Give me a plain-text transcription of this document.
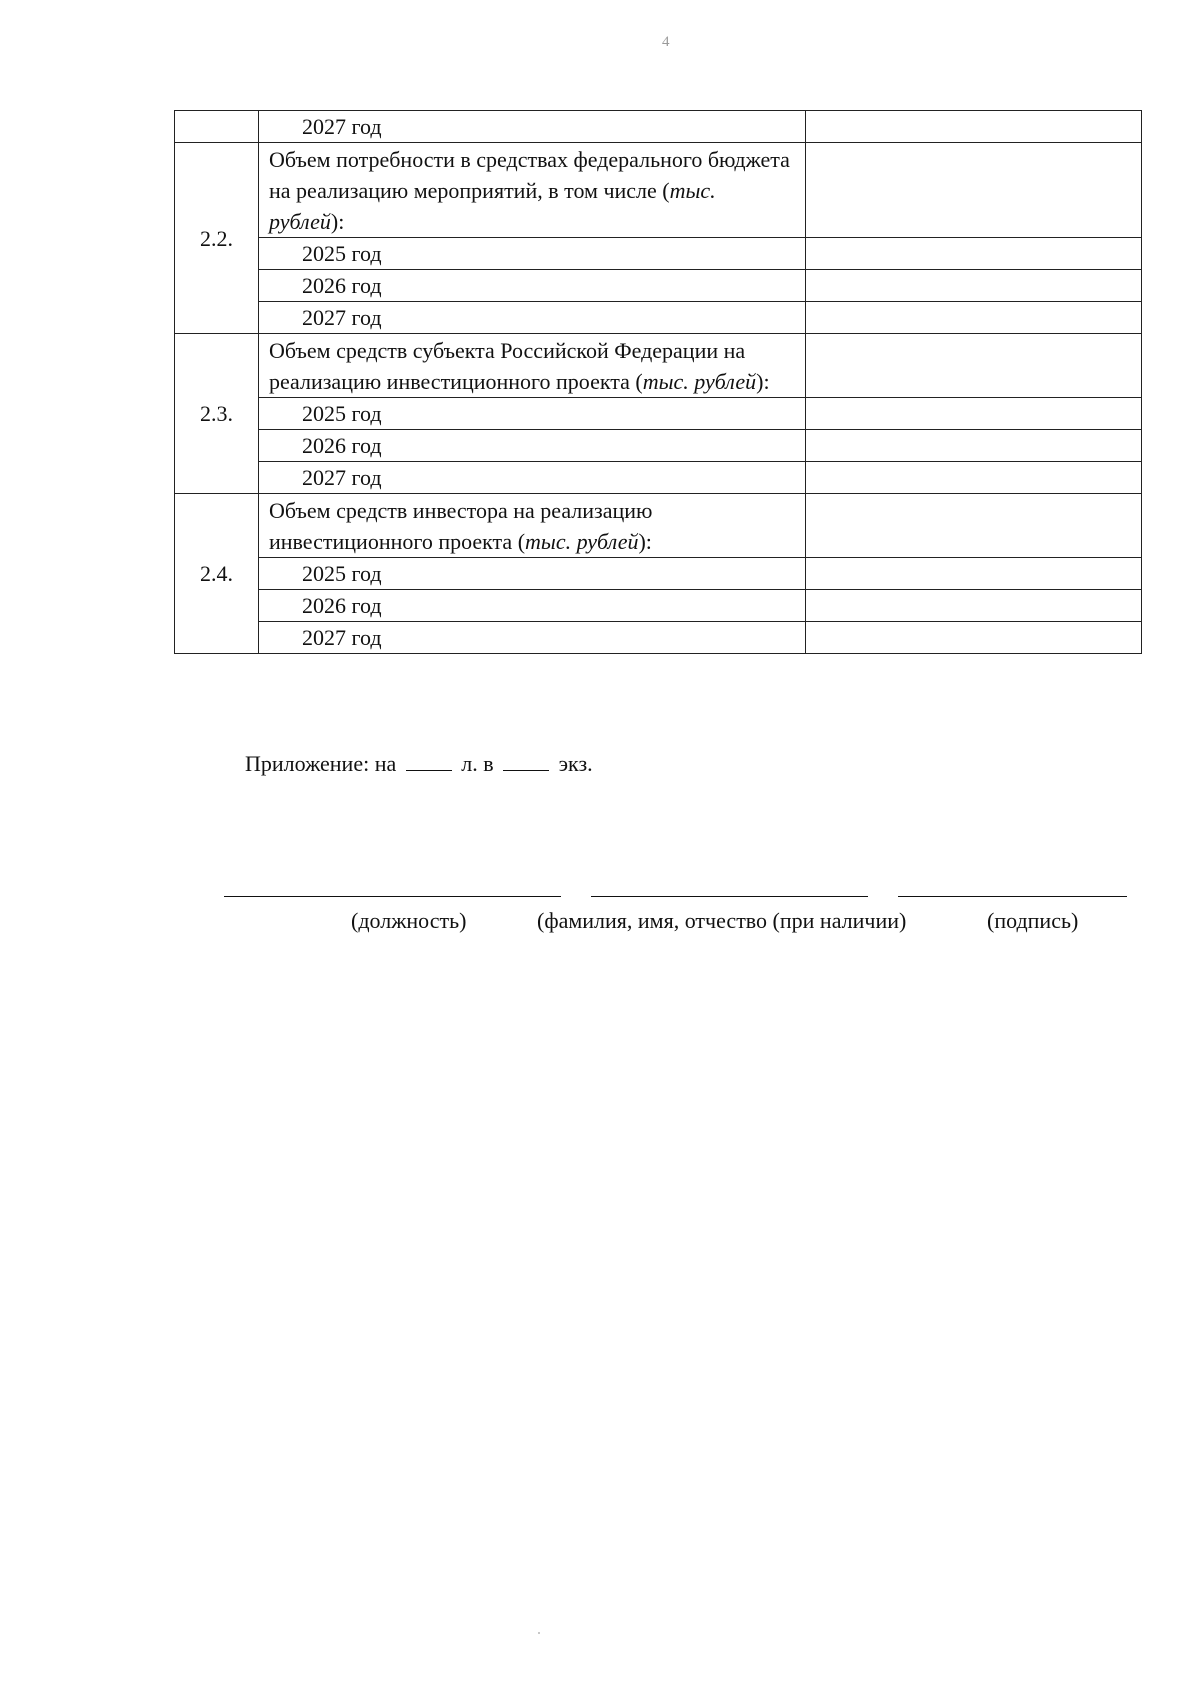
4
	2027 год	
2.2.	Объем потребности в средствах федерального бюджета на реализацию мероприятий, в том числе (тыс. рублей):	
	2025 год	
	2026 год	
	2027 год	
2.3.	Объем средств субъекта Российской Федерации на реализацию инвестиционного проекта (тыс. рублей):	
	2025 год	
	2026 год	
	2027 год	
2.4.	Объем средств инвестора на реализацию инвестиционного проекта (тыс. рублей):	
	2025 год	
	2026 год	
	2027 год	
Приложение: на	л. в	экз.
(должность)	(фамилия, имя, отчество (при наличии)	(подпись)
